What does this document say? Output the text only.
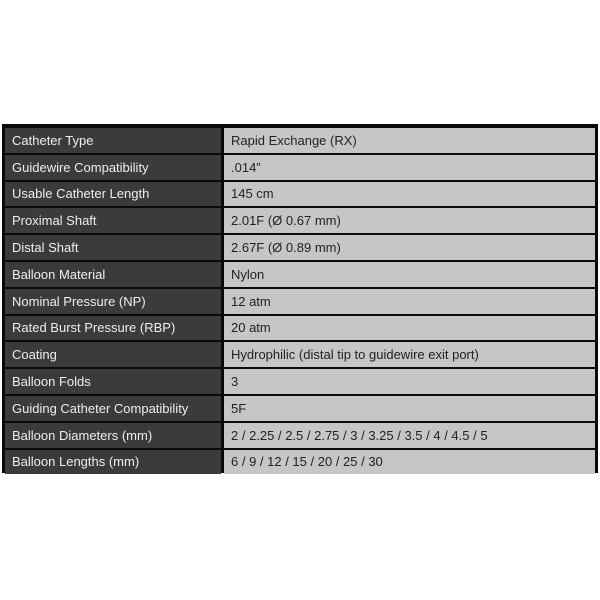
Catheter Type	Rapid Exchange (RX)
Guidewire Compatibility	.014”
Usable Catheter Length	145 cm
Proximal Shaft	2.01F (Ø 0.67 mm)
Distal Shaft	2.67F (Ø 0.89 mm)
Balloon Material	Nylon
Nominal Pressure (NP)	12 atm
Rated Burst Pressure (RBP)	20 atm
Coating	Hydrophilic (distal tip to guidewire exit port)
Balloon Folds	3
Guiding Catheter Compatibility	5F
Balloon Diameters (mm)	2 / 2.25 / 2.5 / 2.75 / 3 / 3.25 / 3.5 / 4 / 4.5 / 5
Balloon Lengths (mm)	6 / 9 / 12 / 15 / 20 / 25 / 30
